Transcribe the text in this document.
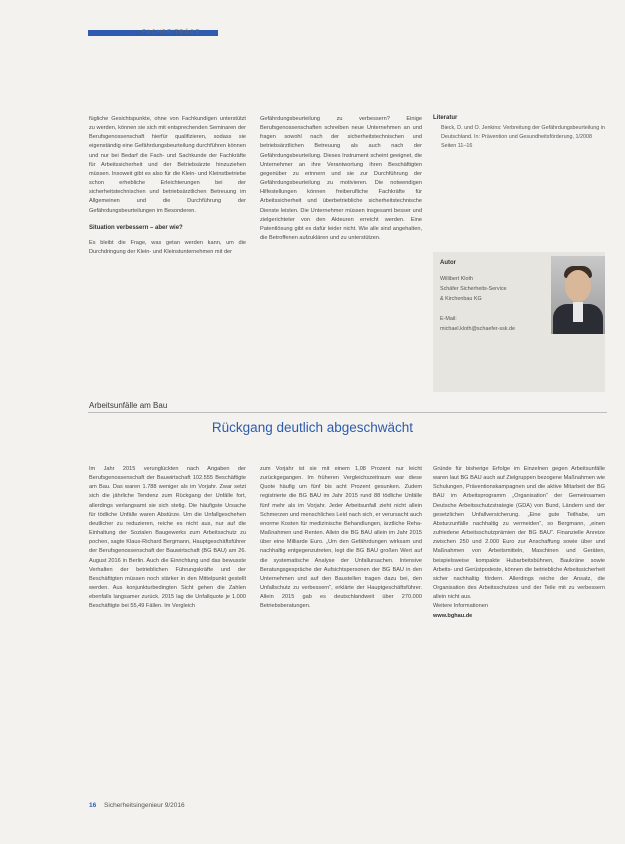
FACHBEITRÄGE

fügliche Gesichtspunkte, ohne von Fachkundigen unterstützt zu werden, können sie sich mit entsprechenden Seminaren der Berufsgenossenschaft hierfür qualifizieren, sodass sie eigenständig eine Gefährdungsbeurteilung durchführen können und nur bei Bedarf die Fach- und Sachkunde der Fachkräfte für Arbeitssicherheit und der Betriebsärzte hinzuziehen müssen. Insoweit gibt es also für die Klein- und Kleinstbetriebe schon erhebliche Erleichterungen bei der sicherheitstechnischen und betriebsärztlichen Betreuung im Allgemeinen und die Durchführung der Gefährdungsbeurteilungen im Besonderen.

Situation verbessern – aber wie?

Es bleibt die Frage, was getan werden kann, um die Durchdringung der Klein- und Kleinstunternehmen mit der

Gefährdungsbeurteilung zu verbessern? Einige Berufsgenossenschaften schreiben neue Unternehmen an und fragen sowohl nach der sicherheitstechnischen und betriebsärztlichen Betreuung als auch nach der Gefährdungsbeurteilung. Dieses Instrument scheint geeignet, die Unternehmer an ihre Verantwortung ihren Beschäftigten gegenüber zu erinnern und sie zur Durchführung der Gefährdungsbeurteilung zu motivieren. Die notwendigen Hilfestellungen können freiberufliche Fachkräfte für Arbeitssicherheit und überbetriebliche sicherheitstechnische Dienste leisten. Die Unternehmer müssen insgesamt besser und zielgerichteter von den Akteuren erreicht werden. Eine Patentlösung gibt es dafür leider nicht. Wie alle sind angehalten, die Betroffenen aufzuklären und zu unterstützen.

Literatur
Bieck, D. und O. Jenkins: Verbreitung der Gefährdungsbeurteilung in Deutschland. In: Prävention und Gesundheitsförderung, 1/2008 Seiten 11–16
Autor
Willibert Kloth
Schäfer Sicherheits-Service
& Kirchenbau KG
E-Mail:
michael.kloth@schaefer-ssk.de
Arbeitsunfälle am Bau
Rückgang deutlich abgeschwächt

Im Jahr 2015 verunglückten nach Angaben der Berufsgenossenschaft der Bauwirtschaft 102.555 Beschäftigte am Bau. Das waren 1.788 weniger als im Vorjahr. Zwar setzt sich die jährliche Tendenz zum Rückgang der Unfälle fort, allerdings verlangsamt sie sich stetig. Die häufigste Ursache für tödliche Unfälle waren Abstürze. Um die Unfallgeschehen deutlicher zu reduzieren, reiche es nicht aus, nur auf die Einhaltung der Sozialen Baugewerks zum Arbeitsschutz zu pochen, sagte Klaus-Richard Bergmann, Hauptgeschäftsführer der Berufsgenossenschaft der Bauwirtschaft (BG BAU) am 26. August 2016 in Berlin. Auch die Einrichtung und das bewusste Verhalten der betrieblichen Führungskräfte und der Beschäftigten müssen noch stärker in den Mittelpunkt gestellt werden. Aus konjunkturbedingten Sicht gehen die Zahlen ebenfalls langsamer zurück. 2015 lag die Unfallquote je 1.000 Beschäftigte bei 55,49 Fällen. Im Vergleich

zum Vorjahr ist sie mit einem 1,08 Prozent nur leicht zurückgegangen. Im früheren Vergleichszeitraum war diese Quote häufig um fünf bis acht Prozent gesunken. Zudem registrierte die BG BAU im Jahr 2015 rund 88 tödliche Unfälle fünf mehr als im Vorjahr. Jeder Arbeitsunfall zieht nicht allein Schmerzen und menschliches Leid nach sich, er verursacht auch enorme Kosten für medizinische Behandlungen, ärztliche Reha-Maßnahmen und Renten. Allein die BG BAU allein im Jahr 2015 über eine Milliarde Euro. „Um den Gefährdungen wirksam und nachhaltig entgegenzutreten, legt die BG BAU großen Wert auf die systematische Analyse der Unfallursachen. Intensive Beratungsgespräche der Aufsichtspersonen der BG BAU in den Unternehmen und auf den Baustellen tragen dazu bei, den Unfallschutz zu verbessern“, erklärte der Hauptgeschäftsführer. Allein 2015 gab es deutschlandweit über 270.000 Betriebsberatungen.

Gründe für bisherige Erfolge im Einzelnen gegen Arbeitsunfälle waren laut BG BAU auch auf Zielgruppen bezogene Maßnahmen wie Schulungen, Präventionskampagnen und die aktive Mitarbeit der BG BAU im Arbeitsprogramm „Organisation“ der Gemeinsamen Deutsche Arbeitsschutzstrategie (GDA) von Bund, Ländern und der gesetzlichen Unfallversicherung. „Eine gute Teilhabe, um Absturzunfälle nachhaltig zu vermeiden“, so Bergmann, „einen zufriedene Arbeitsschutzprämien der BG BAU“. Finanzielle Anreize zwischen 250 und 2.000 Euro zur Anschaffung sowie über und Maßnahmen von Arbeitsmitteln, Maschinen und Geräten, beispielsweise kompakte Hubarbeitsbühnen, Baukräne sowie Arbeits- und Gerüstpodeste, können die betriebliche Arbeitssicherheit sicher nachhaltig fördern. Allerdings reiche der Ansatz, die Organisation des Arbeitsschutzes und der Teile mit zu verbessern allein nicht aus.

Weitere Informationen

www.bghau.de

16 Sicherheitsingenieur 9/2016
